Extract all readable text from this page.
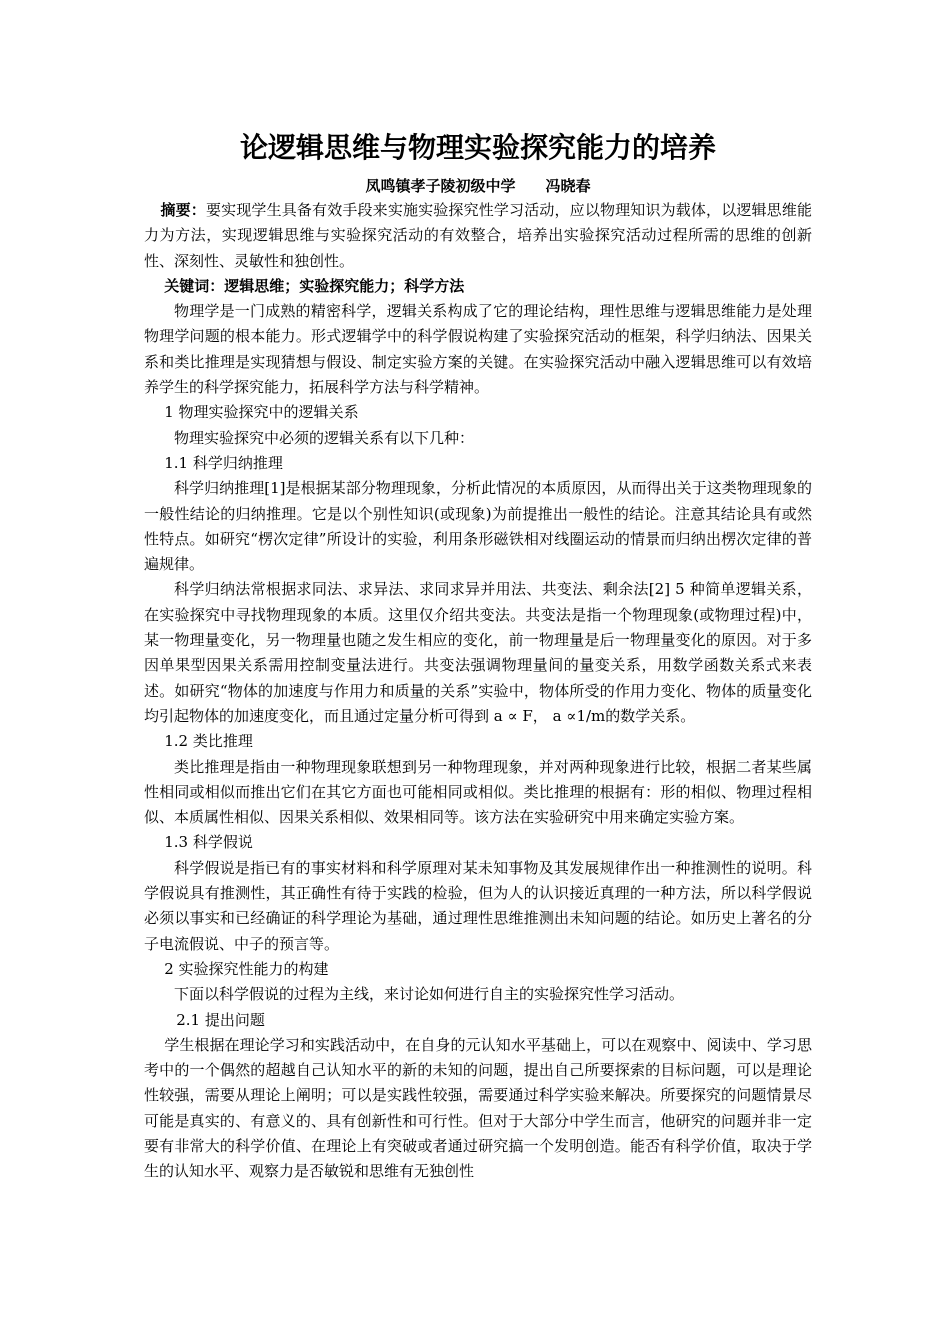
论逻辑思维与物理实验探究能力的培养
凤鸣镇孝子陵初级中学 冯晓春

摘要：要实现学生具备有效手段来实施实验探究性学习活动，应以物理知识为载体，以逻辑思维能力为方法，实现逻辑思维与实验探究活动的有效整合，培养出实验探究活动过程所需的思维的创新性、深刻性、灵敏性和独创性。

关键词：逻辑思维；实验探究能力；科学方法

物理学是一门成熟的精密科学，逻辑关系构成了它的理论结构，理性思维与逻辑思维能力是处理物理学问题的根本能力。形式逻辑学中的科学假说构建了实验探究活动的框架，科学归纳法、因果关系和类比推理是实现猜想与假设、制定实验方案的关键。在实验探究活动中融入逻辑思维可以有效培养学生的科学探究能力，拓展科学方法与科学精神。

1 物理实验探究中的逻辑关系

物理实验探究中必须的逻辑关系有以下几种：

1.1 科学归纳推理

科学归纳推理[1]是根据某部分物理现象，分析此情况的本质原因，从而得出关于这类物理现象的一般性结论的归纳推理。它是以个别性知识(或现象)为前提推出一般性的结论。注意其结论具有或然性特点。如研究“楞次定律”所设计的实验，利用条形磁铁相对线圈运动的情景而归纳出楞次定律的普遍规律。

科学归纳法常根据求同法、求异法、求同求异并用法、共变法、剩余法[2] 5 种简单逻辑关系，在实验探究中寻找物理现象的本质。这里仅介绍共变法。共变法是指一个物理现象(或物理过程)中，某一物理量变化，另一物理量也随之发生相应的变化，前一物理量是后一物理量变化的原因。对于多因单果型因果关系需用控制变量法进行。共变法强调物理量间的量变关系，用数学函数关系式来表述。如研究“物体的加速度与作用力和质量的关系”实验中，物体所受的作用力变化、物体的质量变化均引起物体的加速度变化，而且通过定量分析可得到 a ∝ F， a ∝1/m的数学关系。

1.2 类比推理

类比推理是指由一种物理现象联想到另一种物理现象，并对两种现象进行比较，根据二者某些属性相同或相似而推出它们在其它方面也可能相同或相似。类比推理的根据有：形的相似、物理过程相似、本质属性相似、因果关系相似、效果相同等。该方法在实验研究中用来确定实验方案。

1.3 科学假说

科学假说是指已有的事实材料和科学原理对某未知事物及其发展规律作出一种推测性的说明。科学假说具有推测性，其正确性有待于实践的检验，但为人的认识接近真理的一种方法，所以科学假说必须以事实和已经确证的科学理论为基础，通过理性思维推测出未知问题的结论。如历史上著名的分子电流假说、中子的预言等。

2 实验探究性能力的构建

下面以科学假说的过程为主线，来讨论如何进行自主的实验探究性学习活动。

2.1 提出问题

学生根据在理论学习和实践活动中，在自身的元认知水平基础上，可以在观察中、阅读中、学习思考中的一个偶然的超越自己认知水平的新的未知的问题，提出自己所要探索的目标问题，可以是理论性较强，需要从理论上阐明；可以是实践性较强，需要通过科学实验来解决。所要探究的问题情景尽可能是真实的、有意义的、具有创新性和可行性。但对于大部分中学生而言，他研究的问题并非一定要有非常大的科学价值、在理论上有突破或者通过研究搞一个发明创造。能否有科学价值，取决于学生的认知水平、观察力是否敏锐和思维有无独创性
